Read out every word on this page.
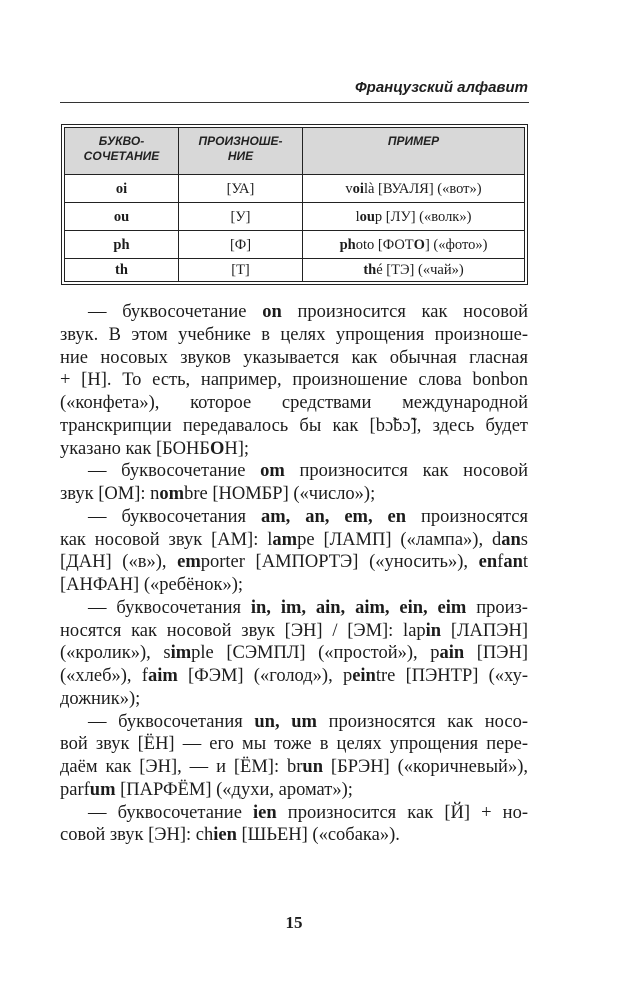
Французский алфавит
БУКВО-
СОЧЕТАНИЕ	ПРОИЗНОШЕ-
НИЕ	ПРИМЕР

oi	[УА]	voilà [ВУАЛЯ] («вот»)
ou	[У]	loup [ЛУ] («волк»)
ph	[Ф]	photo [ФОТО] («фото»)
th	[Т]	thé [ТЭ] («чай»)
— буквосочетание on произносится как носовой
звук. В этом учебнике в целях упрощения произноше-
ние носовых звуков указывается как обычная гласная
+ [Н]. То есть, например, произношение слова bonbon
(«конфета»), которое средствами международной
транскрипции передавалось бы как [bɔ̃bɔ̃], здесь будет
указано как [БОНБОН];
— буквосочетание om произносится как носовой
звук [ОМ]: nombre [НОМБР] («число»);
— буквосочетания am, an, em, en произносятся
как носовой звук [АМ]: lampe [ЛАМП] («лампа»), dans
[ДАН] («в»), emporter [АМПОРТЭ] («уносить»), enfant
[АНФАН] («ребёнок»);
— буквосочетания in, im, ain, aim, ein, eim произ-
носятся как носовой звук [ЭН] / [ЭМ]: lapin [ЛАПЭН]
(«кролик»), simple [СЭМПЛ] («простой»), pain [ПЭН]
(«хлеб»), faim [ФЭМ] («голод»), peintre [ПЭНТР] («ху-
дожник»);
— буквосочетания un, um произносятся как носо-
вой звук [ЁН] — его мы тоже в целях упрощения пере-
даём как [ЭН], — и [ЁМ]: brun [БРЭН] («коричневый»),
parfum [ПАРФЁМ] («духи, аромат»);
— буквосочетание ien произносится как [Й] + но-
совой звук [ЭН]: chien [ШЬЕН] («собака»).
15
